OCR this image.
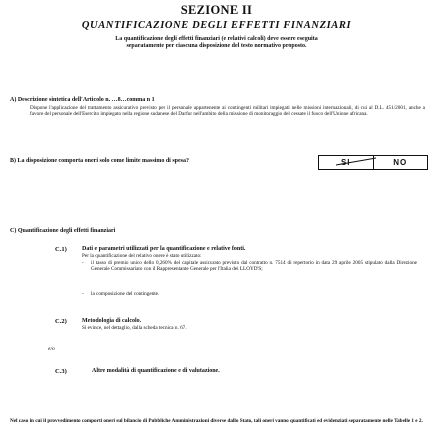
SEZIONE II
QUANTIFICAZIONE DEGLI EFFETTI FINANZIARI
La quantificazione degli effetti finanziari (e relativi calcoli) deve essere eseguita
separatamente per ciascuna disposizione del testo normativo proposto.
A) Descrizione sintetica dell'Articolo n. …8…comma n 1
Dispone l'applicazione del trattamento assicurativo previsto per il personale appartenente ai contingenti militari impiegati nelle missioni internazionali, di cui al D.L. 451/2001, anche a favore del personale dell'Esercito impiegato nella regione sudanese del Darfur nell'ambito della missione di monitoraggio del cessate il fuoco dell'Unione africana.
B) La disposizione comporta oneri solo come limite massimo di spesa?	SI	NO
C) Quantificazione degli effetti finanziari
C.1)	Dati e parametri utilizzati per la quantificazione e relative fonti.
Per la quantificazione del relativo onere è stato utilizzato:
- il tasso di premio unico dello 0,260% del capitale assicurato previsto dal contratto n. 7514 di repertorio in data 29 aprile 2005 stipulato dalla Direzione Generale Commissariato con il Rappresentante Generale per l'Italia dei LLOYD'S;
- la composizione del contingente.
C.2)	Metodologia di calcolo.
Si evince, nel dettaglio, dalla scheda tecnica n. 67.
e/o
C.3)	Altre modalità di quantificazione e di valutazione.
Nel caso in cui il provvedimento comporti oneri sul bilancio di Pubbliche Amministrazioni diverse dallo Stato, tali oneri vanno quantificati ed evidenziati separatamente nelle Tabelle 1 e 2.
